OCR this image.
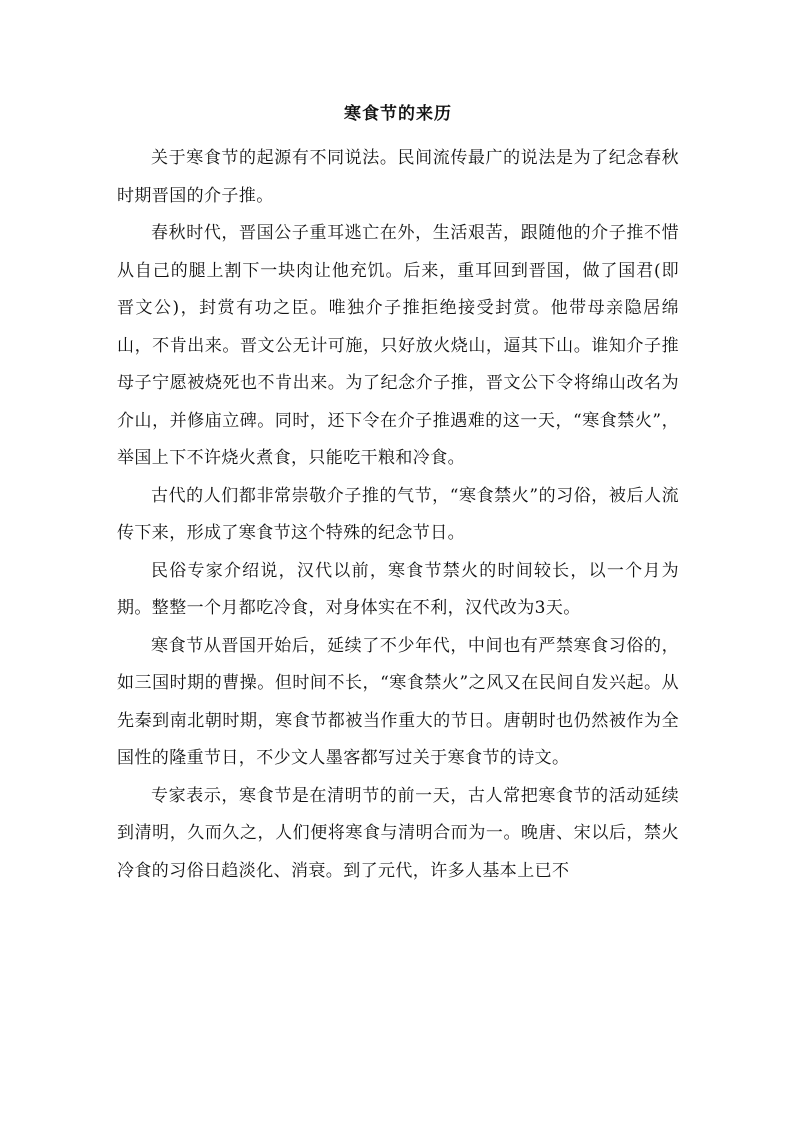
寒食节的来历

关于寒食节的起源有不同说法。民间流传最广的说法是为了纪念春秋时期晋国的介子推。

春秋时代，晋国公子重耳逃亡在外，生活艰苦，跟随他的介子推不惜从自己的腿上割下一块肉让他充饥。后来，重耳回到晋国，做了国君(即晋文公)，封赏有功之臣。唯独介子推拒绝接受封赏。他带母亲隐居绵山，不肯出来。晋文公无计可施，只好放火烧山，逼其下山。谁知介子推母子宁愿被烧死也不肯出来。为了纪念介子推，晋文公下令将绵山改名为介山，并修庙立碑。同时，还下令在介子推遇难的这一天，“寒食禁火”，举国上下不许烧火煮食，只能吃干粮和冷食。

古代的人们都非常崇敬介子推的气节，“寒食禁火”的习俗，被后人流传下来，形成了寒食节这个特殊的纪念节日。

民俗专家介绍说，汉代以前，寒食节禁火的时间较长，以一个月为期。整整一个月都吃冷食，对身体实在不利，汉代改为3天。

寒食节从晋国开始后，延续了不少年代，中间也有严禁寒食习俗的，如三国时期的曹操。但时间不长，“寒食禁火”之风又在民间自发兴起。从先秦到南北朝时期，寒食节都被当作重大的节日。唐朝时也仍然被作为全国性的隆重节日，不少文人墨客都写过关于寒食节的诗文。

专家表示，寒食节是在清明节的前一天，古人常把寒食节的活动延续到清明，久而久之，人们便将寒食与清明合而为一。晚唐、宋以后，禁火冷食的习俗日趋淡化、消衰。到了元代，许多人基本上已不
